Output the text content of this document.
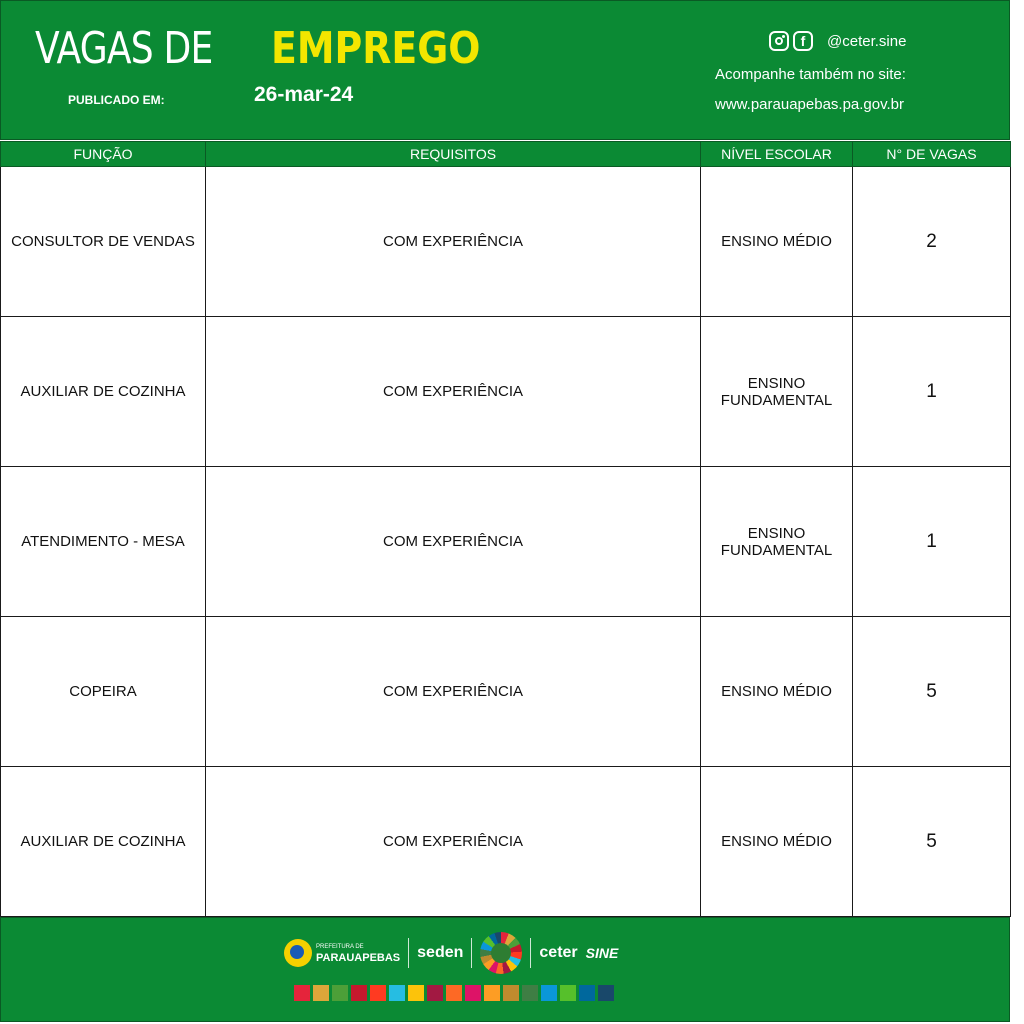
VAGAS DE EMPREGO
PUBLICADO EM:	26-mar-24
f	@ceter.sine
Acompanhe também no site:
www.parauapebas.pa.gov.br
FUNÇÃO	REQUISITOS	NÍVEL ESCOLAR	N° DE VAGAS
CONSULTOR DE VENDAS	COM EXPERIÊNCIA	ENSINO MÉDIO	2
AUXILIAR DE COZINHA	COM EXPERIÊNCIA	ENSINO FUNDAMENTAL	1
ATENDIMENTO - MESA	COM EXPERIÊNCIA	ENSINO FUNDAMENTAL	1
COPEIRA	COM EXPERIÊNCIA	ENSINO MÉDIO	5
AUXILIAR DE COZINHA	COM EXPERIÊNCIA	ENSINO MÉDIO	5
PREFEITURA DE
PARAUAPEBAS seden	ceter SINE
